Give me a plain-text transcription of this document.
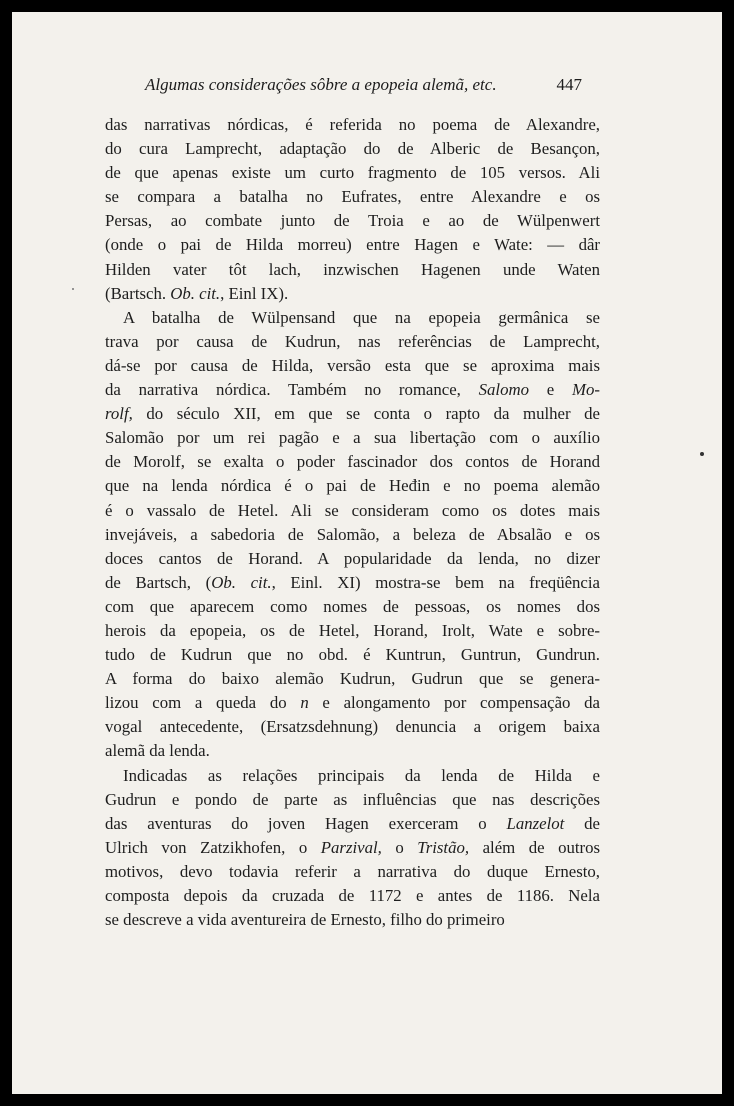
Algumas considerações sôbre a epopeia alemã, etc.	447
das narrativas nórdicas, é referida no poema de Alexandre,
do cura Lamprecht, adaptação do de Alberic de Besançon,
de que apenas existe um curto fragmento de 105 versos. Ali
se compara a batalha no Eufrates, entre Alexandre e os
Persas, ao combate junto de Troia e ao de Wülpenwert
(onde o pai de Hilda morreu) entre Hagen e Wate: — dâr
Hilden vater tôt lach, inzwischen Hagenen unde Waten
(Bartsch. Ob. cit., Einl IX).
A batalha de Wülpensand que na epopeia germânica se
trava por causa de Kudrun, nas referências de Lamprecht,
dá-se por causa de Hilda, versão esta que se aproxima mais
da narrativa nórdica. Também no romance, Salomo e Mo-
rolf, do século XII, em que se conta o rapto da mulher de
Salomão por um rei pagão e a sua libertação com o auxílio
de Morolf, se exalta o poder fascinador dos contos de Horand
que na lenda nórdica é o pai de Heđin e no poema alemão
é o vassalo de Hetel. Ali se consideram como os dotes mais
invejáveis, a sabedoria de Salomão, a beleza de Absalão e os
doces cantos de Horand. A popularidade da lenda, no dizer
de Bartsch, (Ob. cit., Einl. XI) mostra-se bem na freqüência
com que aparecem como nomes de pessoas, os nomes dos
herois da epopeia, os de Hetel, Horand, Irolt, Wate e sobre-
tudo de Kudrun que no obd. é Kuntrun, Guntrun, Gundrun.
A forma do baixo alemão Kudrun, Gudrun que se genera-
lizou com a queda do n e alongamento por compensação da
vogal antecedente, (Ersatzsdehnung) denuncia a origem baixa
alemã da lenda.
Indicadas as relações principais da lenda de Hilda e
Gudrun e pondo de parte as influências que nas descrições
das aventuras do joven Hagen exerceram o Lanzelot de
Ulrich von Zatzikhofen, o Parzival, o Tristão, além de outros
motivos, devo todavia referir a narrativa do duque Ernesto,
composta depois da cruzada de 1172 e antes de 1186. Nela
se descreve a vida aventureira de Ernesto, filho do primeiro
